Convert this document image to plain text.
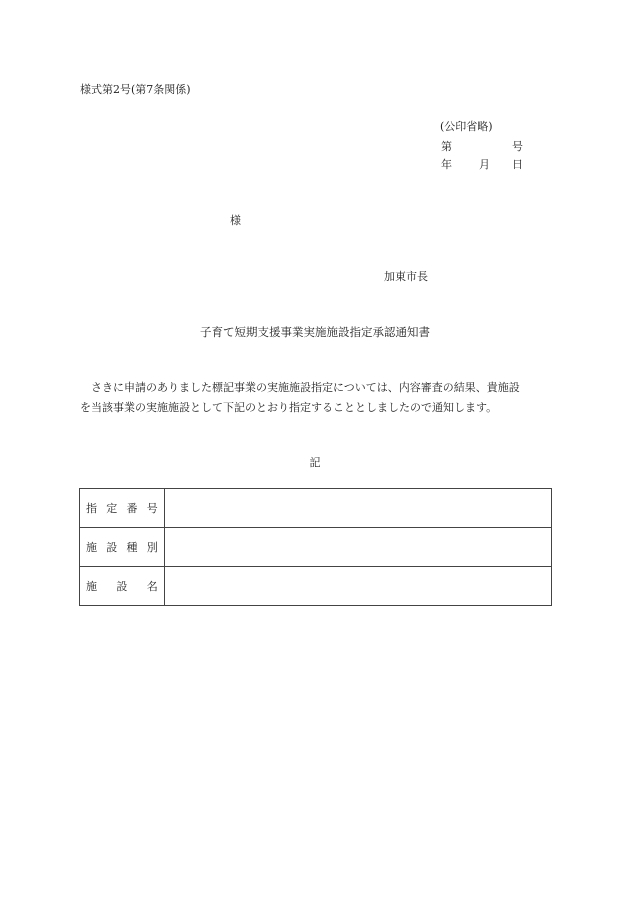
様式第2号(第7条関係)
(公印省略)
第	号
年 月 日
様
加東市長
子育て短期支援事業実施施設指定承認通知書
　さきに申請のありました標記事業の実施施設指定については、内容審査の結果、貴施設
を当該事業の実施施設として下記のとおり指定することとしましたので通知します。
記
指定番号	
施設種別	
施設名	
